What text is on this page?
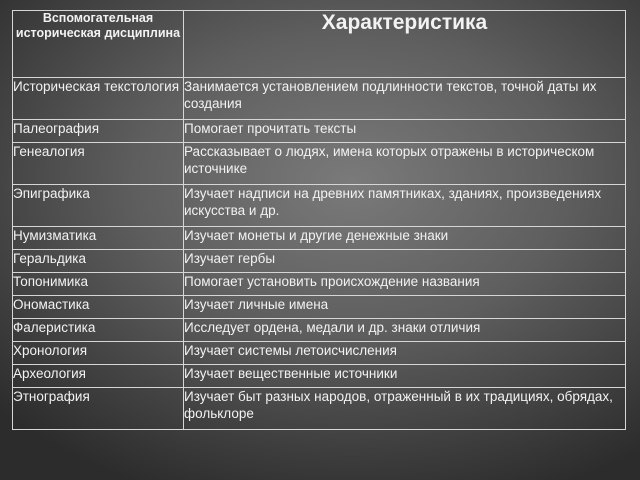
Вспомогательная историческая дисциплина	Характеристика
Историческая текстология	Занимается установлением подлинности текстов, точной даты их создания
Палеография	Помогает прочитать тексты
Генеалогия	Рассказывает о людях, имена которых отражены в историческом источнике
Эпиграфика	Изучает надписи на древних памятниках, зданиях, произведениях искусства и др.
Нумизматика	Изучает монеты и другие денежные знаки
Геральдика	Изучает гербы
Топонимика	Помогает установить происхождение названия
Ономастика	Изучает личные имена
Фалеристика	Исследует ордена, медали и др. знаки отличия
Хронология	Изучает системы летоисчисления
Археология	Изучает вещественные источники
Этнография	Изучает быт разных народов, отраженный в их традициях, обрядах, фольклоре
